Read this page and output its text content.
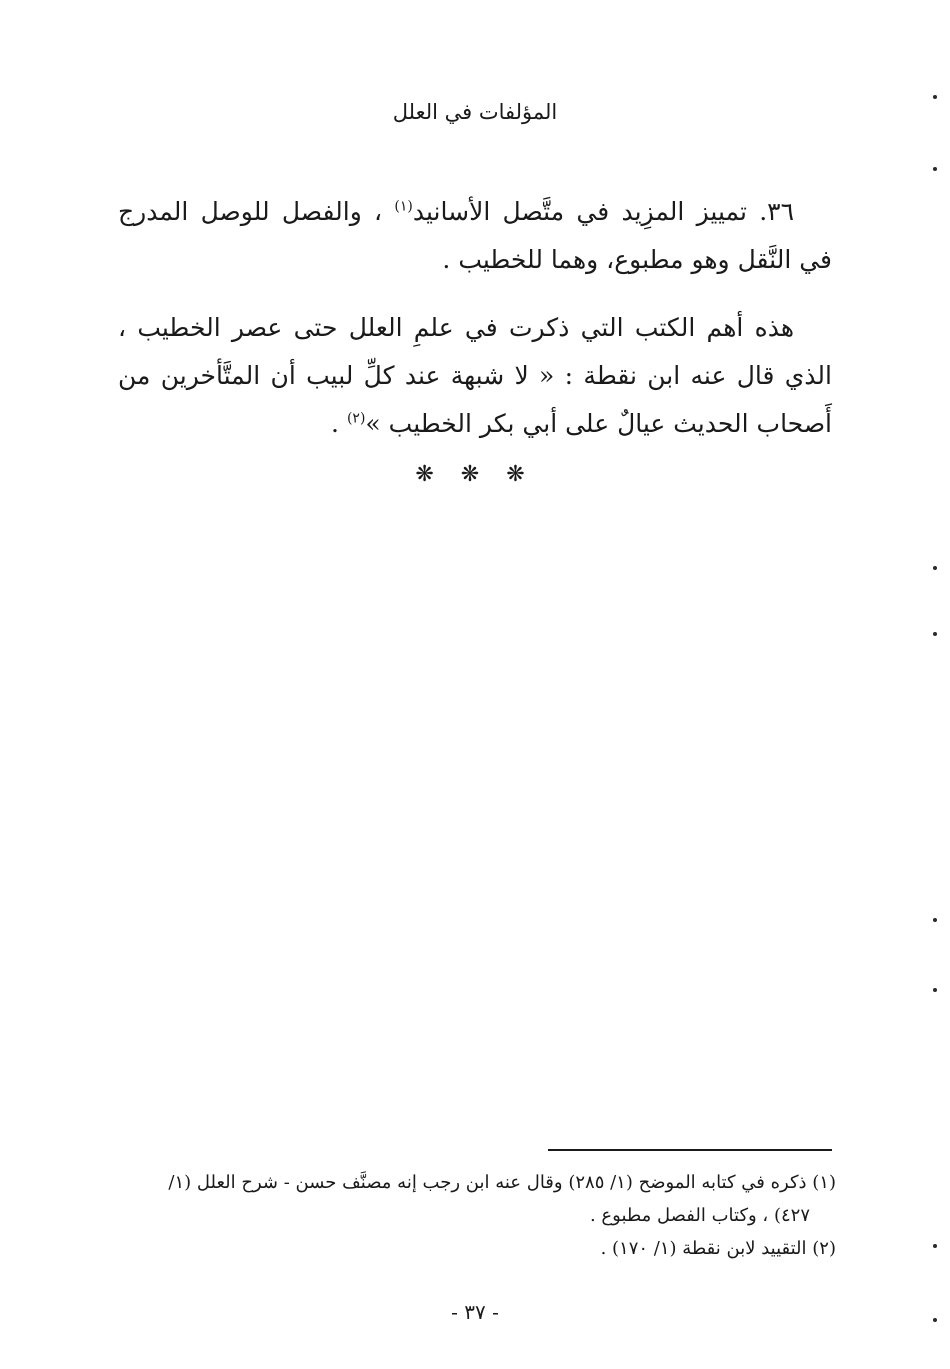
المؤلفات في العلل

٣٦. تمييز المزِيد في متَّصل الأسانيد$^{(١)}$ ، والفصل للوصل المدرج في النَّقل وهو مطبوع، وهما للخطيب .

هذه أهم الكتب التي ذكرت في علمِ العلل حتى عصر الخطيب ، الذي قال عنه ابن نقطة : « لا شبهة عند كلِّ لبيب أن المتَّأخرين من أَصحاب الحديث عيالٌ على أبي بكر الخطيب »$^{(٢)}$ .

❋ ❋ ❋
(١) ذكره في كتابه الموضح (١/ ٢٨٥) وقال عنه ابن رجب إنه مصنَّف حسن - شرح العلل (١/
٤٢٧) ، وكتاب الفصل مطبوع .
(٢) التقييد لابن نقطة (١/ ١٧٠) .
- ٣٧ -
